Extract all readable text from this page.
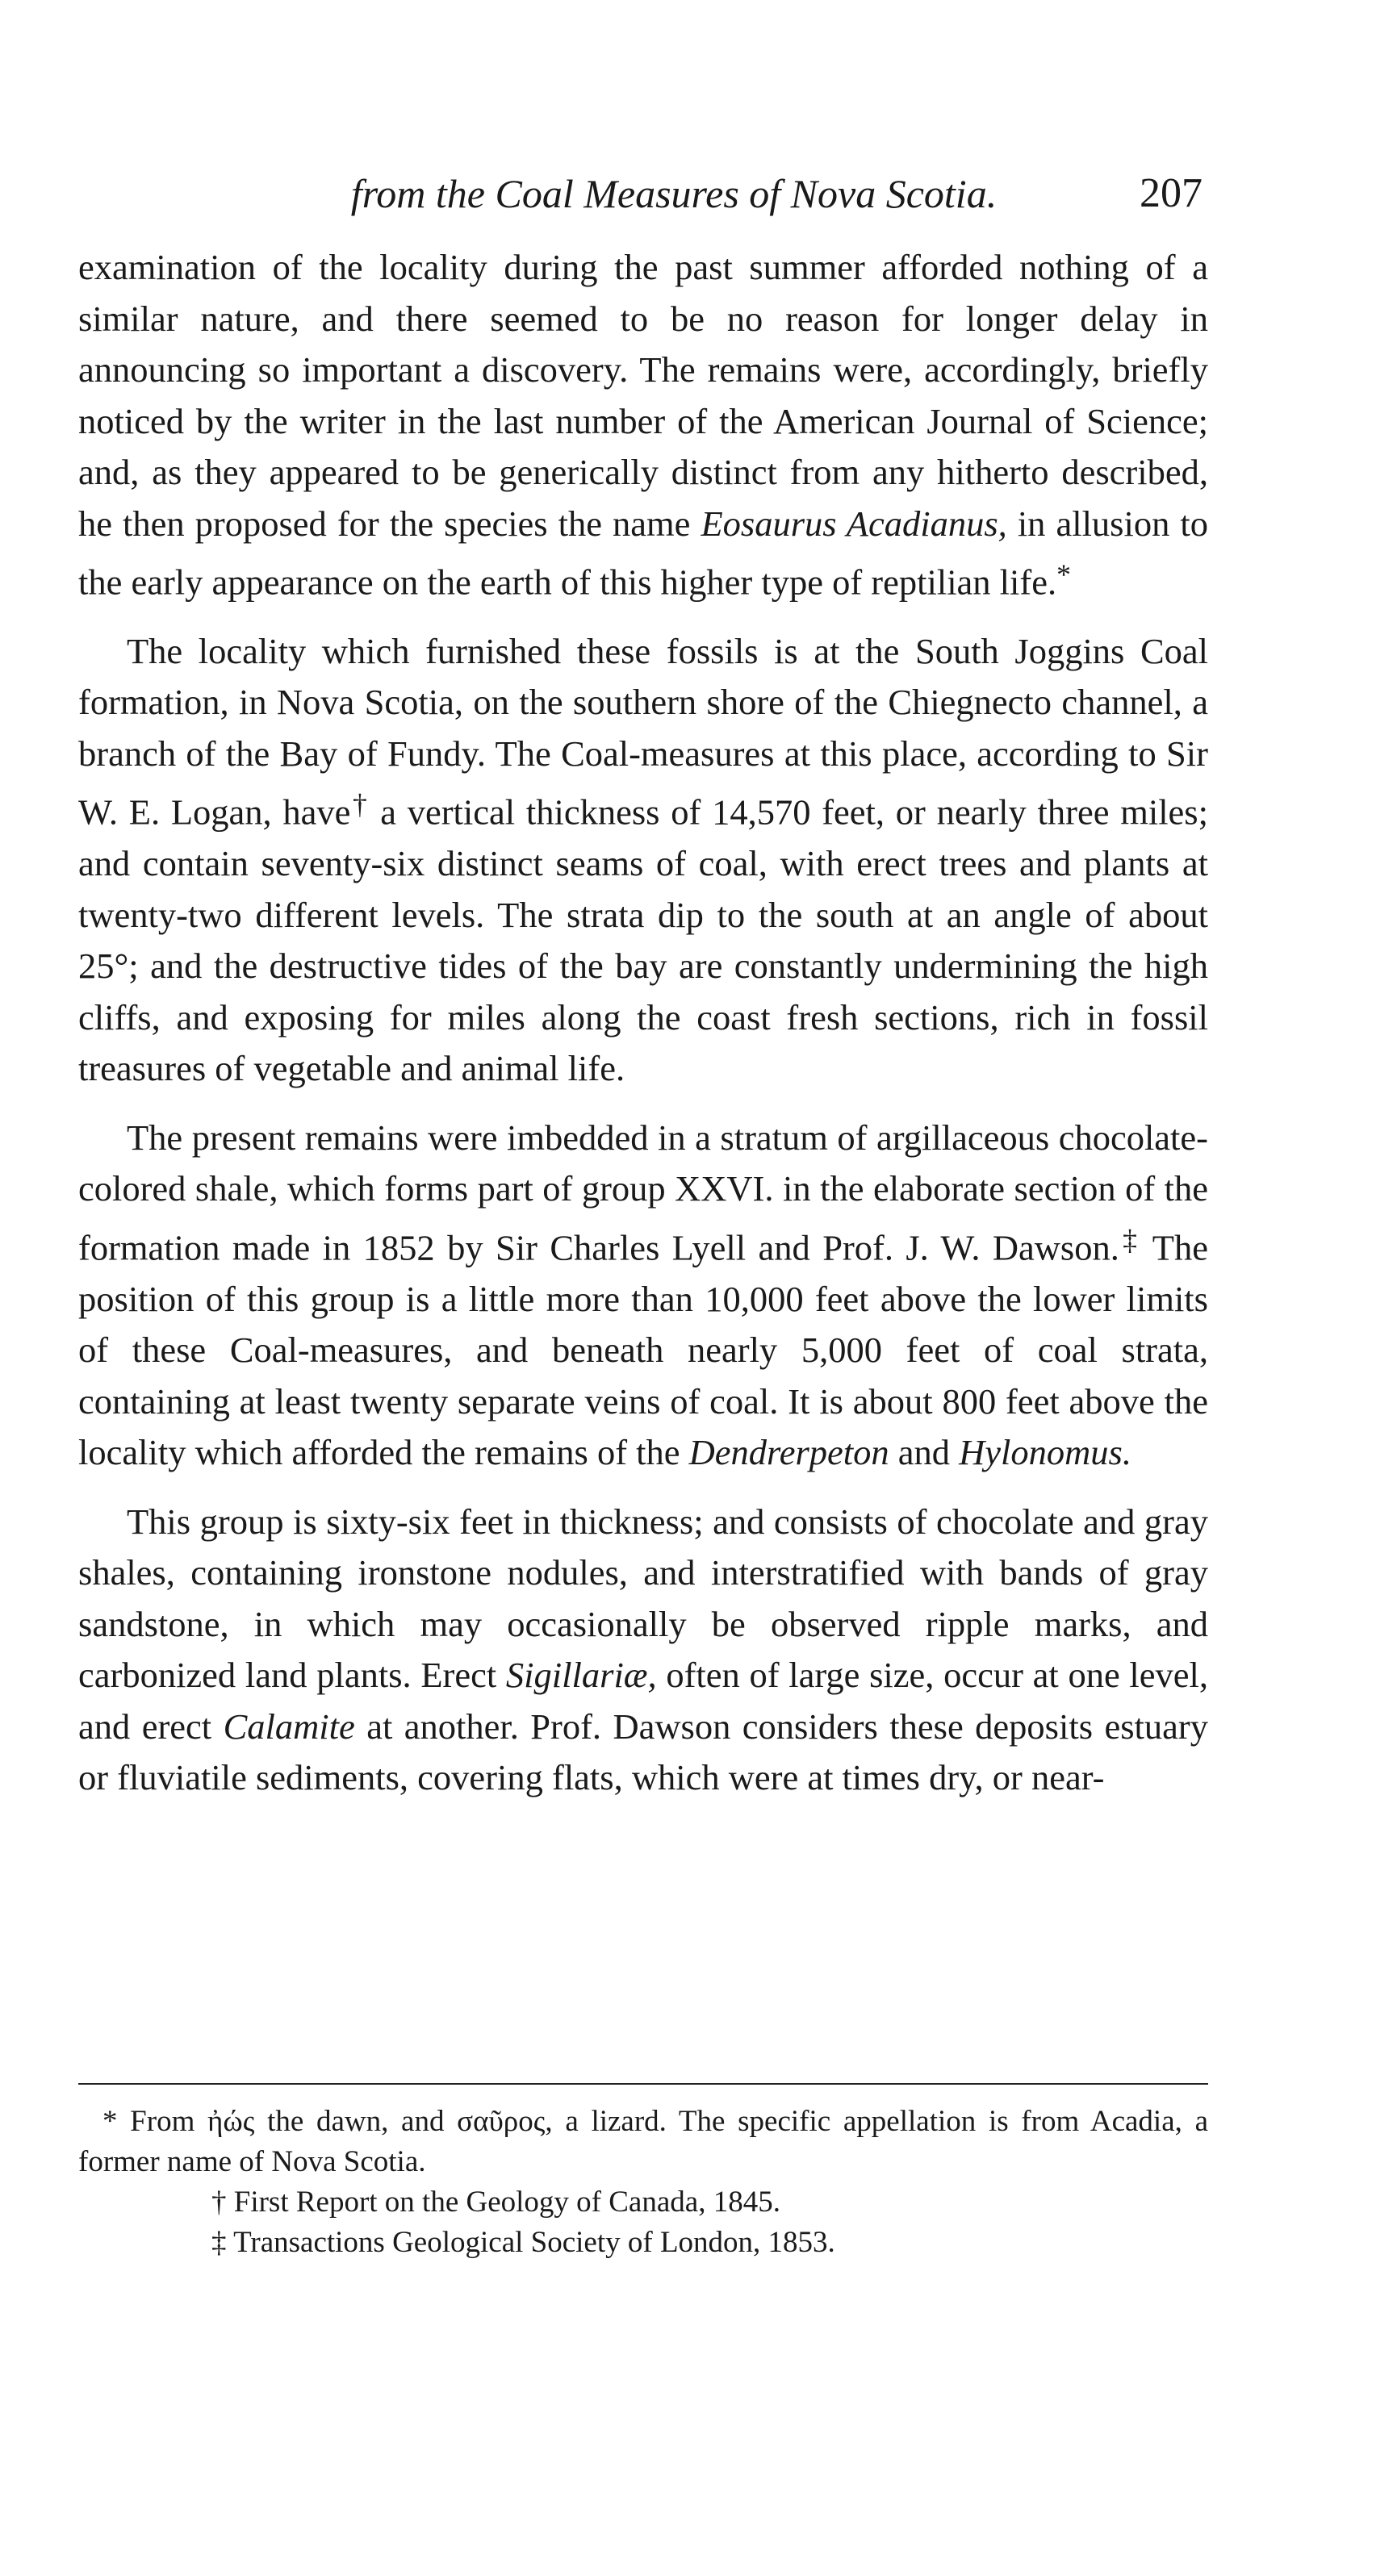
from the Coal Measures of Nova Scotia.	207

examination of the locality during the past summer afforded nothing of a similar nature, and there seemed to be no reason for longer delay in announcing so important a discovery. The remains were, accordingly, briefly noticed by the writer in the last number of the American Journal of Science; and, as they appeared to be generically distinct from any hitherto described, he then proposed for the species the name Eosaurus Acadianus, in allusion to the early appearance on the earth of this higher type of reptilian life.*

The locality which furnished these fossils is at the South Joggins Coal formation, in Nova Scotia, on the southern shore of the Chiegnecto channel, a branch of the Bay of Fundy. The Coal-measures at this place, according to Sir W. E. Logan, have† a vertical thickness of 14,570 feet, or nearly three miles; and contain seventy-six distinct seams of coal, with erect trees and plants at twenty-two different levels. The strata dip to the south at an angle of about 25°; and the destructive tides of the bay are constantly undermining the high cliffs, and exposing for miles along the coast fresh sections, rich in fossil treasures of vegetable and animal life.

The present remains were imbedded in a stratum of argillaceous chocolate-colored shale, which forms part of group XXVI. in the elaborate section of the formation made in 1852 by Sir Charles Lyell and Prof. J. W. Dawson.‡ The position of this group is a little more than 10,000 feet above the lower limits of these Coal-measures, and beneath nearly 5,000 feet of coal strata, containing at least twenty separate veins of coal. It is about 800 feet above the locality which afforded the remains of the Dendrerpeton and Hylonomus.

This group is sixty-six feet in thickness; and consists of chocolate and gray shales, containing ironstone nodules, and interstratified with bands of gray sandstone, in which may occasionally be observed ripple marks, and carbonized land plants. Erect Sigillariæ, often of large size, occur at one level, and erect Calamite at another. Prof. Dawson considers these deposits estuary or fluviatile sediments, covering flats, which were at times dry, or near-

* From ἠώς the dawn, and σαῦρος, a lizard. The specific appellation is from Acadia, a former name of Nova Scotia.

† First Report on the Geology of Canada, 1845.

‡ Transactions Geological Society of London, 1853.
